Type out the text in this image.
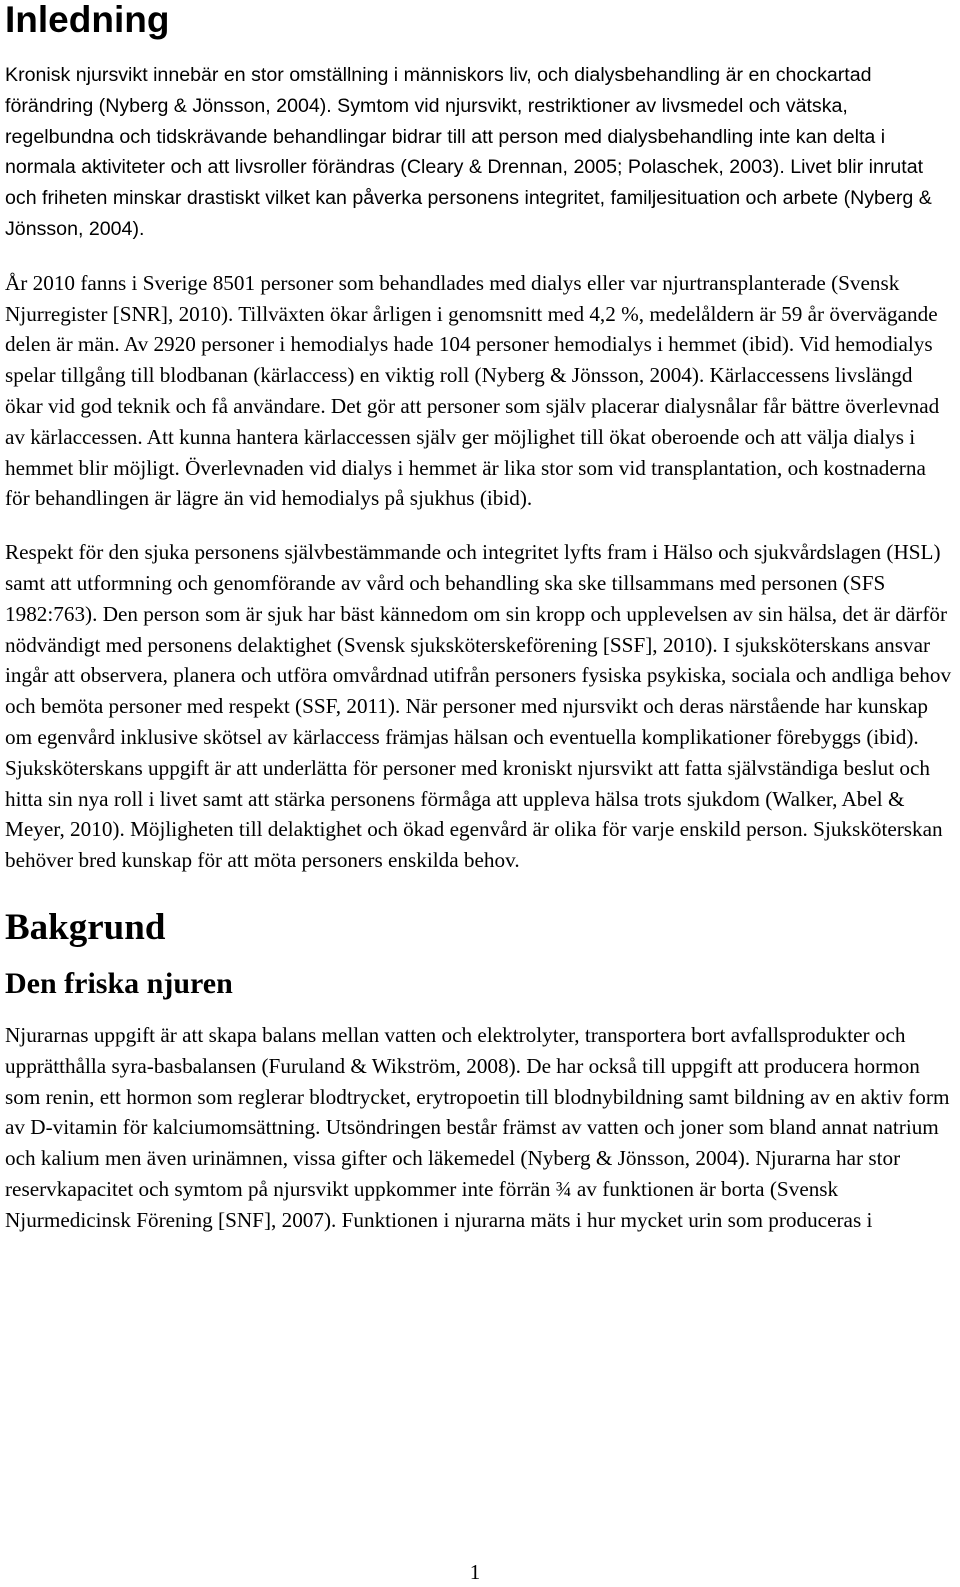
Inledning

Kronisk njursvikt innebär en stor omställning i människors liv, och dialysbehandling är en chockartad förändring (Nyberg & Jönsson, 2004). Symtom vid njursvikt, restriktioner av livsmedel och vätska, regelbundna och tidskrävande behandlingar bidrar till att person med dialysbehandling inte kan delta i normala aktiviteter och att livsroller förändras (Cleary & Drennan, 2005; Polaschek, 2003). Livet blir inrutat och friheten minskar drastiskt vilket kan påverka personens integritet, familjesituation och arbete (Nyberg & Jönsson, 2004).

År 2010 fanns i Sverige 8501 personer som behandlades med dialys eller var njurtransplanterade (Svensk Njurregister [SNR], 2010). Tillväxten ökar årligen i genomsnitt med 4,2 %, medelåldern är 59 år övervägande delen är män. Av 2920 personer i hemodialys hade 104 personer hemodialys i hemmet (ibid). Vid hemodialys spelar tillgång till blodbanan (kärlaccess) en viktig roll (Nyberg & Jönsson, 2004). Kärlaccessens livslängd ökar vid god teknik och få användare. Det gör att personer som själv placerar dialysnålar får bättre överlevnad av kärlaccessen. Att kunna hantera kärlaccessen själv ger möjlighet till ökat oberoende och att välja dialys i hemmet blir möjligt. Överlevnaden vid dialys i hemmet är lika stor som vid transplantation, och kostnaderna för behandlingen är lägre än vid hemodialys på sjukhus (ibid).

Respekt för den sjuka personens självbestämmande och integritet lyfts fram i Hälso och sjukvårdslagen (HSL) samt att utformning och genomförande av vård och behandling ska ske tillsammans med personen (SFS 1982:763). Den person som är sjuk har bäst kännedom om sin kropp och upplevelsen av sin hälsa, det är därför nödvändigt med personens delaktighet (Svensk sjuksköterskeförening [SSF], 2010). I sjuksköterskans ansvar ingår att observera, planera och utföra omvårdnad utifrån personers fysiska psykiska, sociala och andliga behov och bemöta personer med respekt (SSF, 2011). När personer med njursvikt och deras närstående har kunskap om egenvård inklusive skötsel av kärlaccess främjas hälsan och eventuella komplikationer förebyggs (ibid). Sjuksköterskans uppgift är att underlätta för personer med kroniskt njursvikt att fatta självständiga beslut och hitta sin nya roll i livet samt att stärka personens förmåga att uppleva hälsa trots sjukdom (Walker, Abel & Meyer, 2010). Möjligheten till delaktighet och ökad egenvård är olika för varje enskild person. Sjuksköterskan behöver bred kunskap för att möta personers enskilda behov.

Bakgrund
Den friska njuren

Njurarnas uppgift är att skapa balans mellan vatten och elektrolyter, transportera bort avfallsprodukter och upprätthålla syra-basbalansen (Furuland & Wikström, 2008). De har också till uppgift att producera hormon som renin, ett hormon som reglerar blodtrycket, erytropoetin till blodnybildning samt bildning av en aktiv form av D-vitamin för kalciumomsättning. Utsöndringen består främst av vatten och joner som bland annat natrium och kalium men även urinämnen, vissa gifter och läkemedel (Nyberg & Jönsson, 2004). Njurarna har stor reservkapacitet och symtom på njursvikt uppkommer inte förrän ¾ av funktionen är borta (Svensk Njurmedicinsk Förening [SNF], 2007). Funktionen i njurarna mäts i hur mycket urin som produceras i

1
